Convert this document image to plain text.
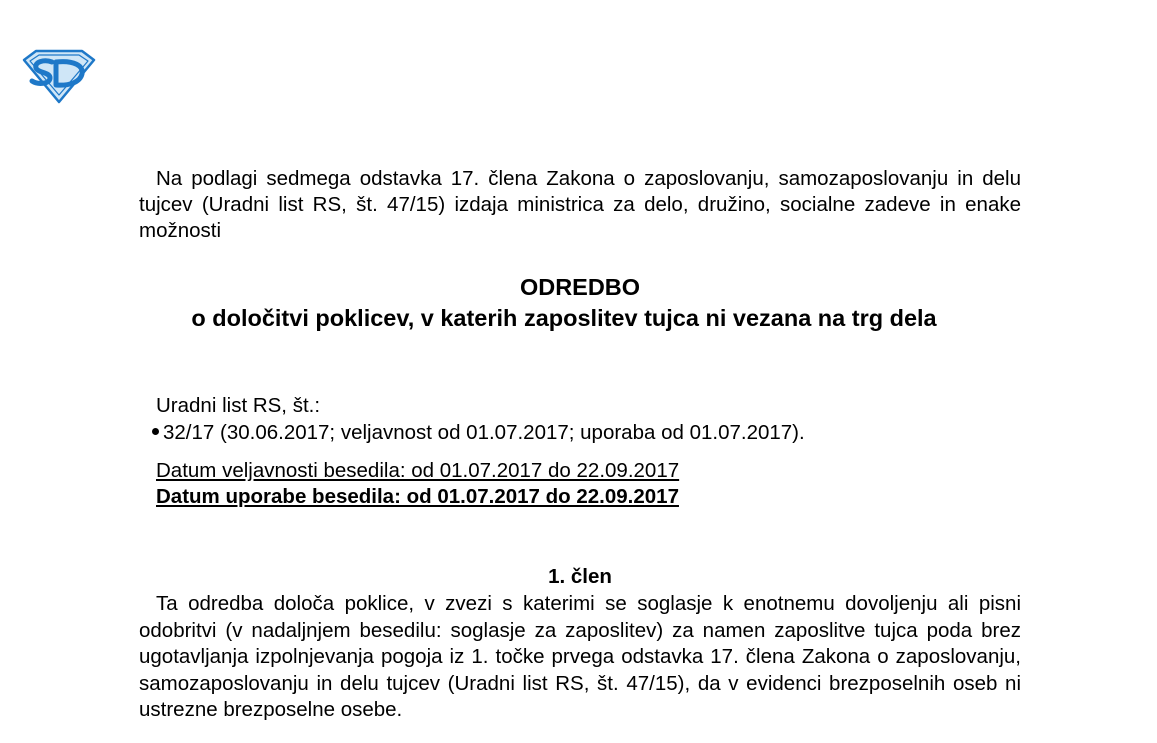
Na podlagi sedmega odstavka 17. člena Zakona o zaposlovanju, samozaposlovanju in delu tujcev (Uradni list RS, št. 47/15) izdaja ministrica za delo, družino, socialne zadeve in enake možnosti

ODREDBO
o določitvi poklicev, v katerih zaposlitev tujca ni vezana na trg dela
Uradni list RS, št.:
32/17 (30.06.2017; veljavnost od 01.07.2017; uporaba od 01.07.2017).
Datum veljavnosti besedila: od 01.07.2017 do 22.09.2017
Datum uporabe besedila: od 01.07.2017 do 22.09.2017
1. člen

Ta odredba določa poklice, v zvezi s katerimi se soglasje k enotnemu dovoljenju ali pisni odobritvi (v nadaljnjem besedilu: soglasje za zaposlitev) za namen zaposlitve tujca poda brez ugotavljanja izpolnjevanja pogoja iz 1. točke prvega odstavka 17. člena Zakona o zaposlovanju, samozaposlovanju in delu tujcev (Uradni list RS, št. 47/15), da v evidenci brezposelnih oseb ni ustrezne brezposelne osebe.
